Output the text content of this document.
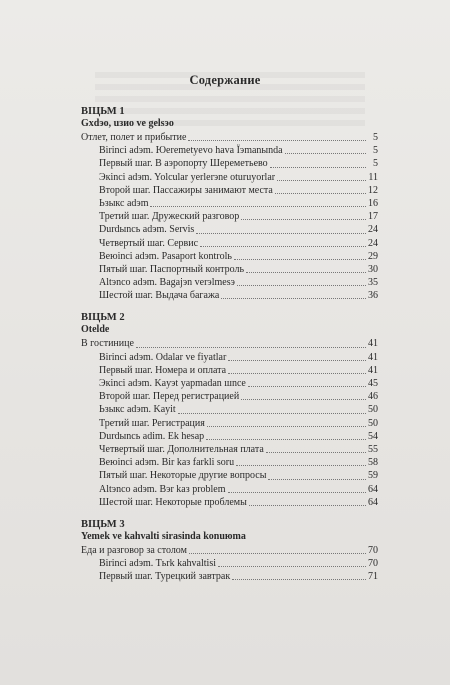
Содержание
ВІЦЬМ 1
Gxdэo, uзиo ve gelsэo
Отлет, полет и прибытие	5
Birinci adэm. Юeremetyevo hava Їэmanыnda	5
Первый шаг. В аэропорту Шереметьево	5
Экinci adэm. Yolcular yerlerэne oturuyorlar	11
Второй шаг. Пассажиры занимают места	12
Ьзыкс adэm	16
Третий шаг. Дружеский разговор	17
Durdыncь adэm. Servis	24
Четвертый шаг. Сервис	24
Beюinci adэm. Pasaport kontrolь	29
Пятый шаг. Паспортный контроль	30
Altэnco adэm. Bagajэn verэlmesэ	35
Шестой шаг. Выдача багажа	36
ВІЦЬМ 2
Otelde
В гостинице	41
Birinci adэm. Odalar ve fiyatlar	41
Первый шаг. Номера и оплата	41
Экinci adэm. Kayэt yapmadan шnce	45
Второй шаг. Перед регистрацией	46
Ьзыкс adэm. Kayit	50
Третий шаг. Регистрация	50
Durdыncь adim. Ek hesap	54
Четвертый шаг. Дополнительная плата	55
Beюinci adэm. Bir kaз farkli soru	58
Пятый шаг. Некоторые другие вопросы	59
Altэnco adэm. Bэr kaз problem	64
Шестой шаг. Некоторые проблемы	64
ВІЦЬМ 3
Yemek ve kahvalti sirasinda konuюma
Еда и разговор за столом	70
Birinci adэm. Tьrk kahvaltisi	70
Первый шаг. Турецкий завтрак	71
